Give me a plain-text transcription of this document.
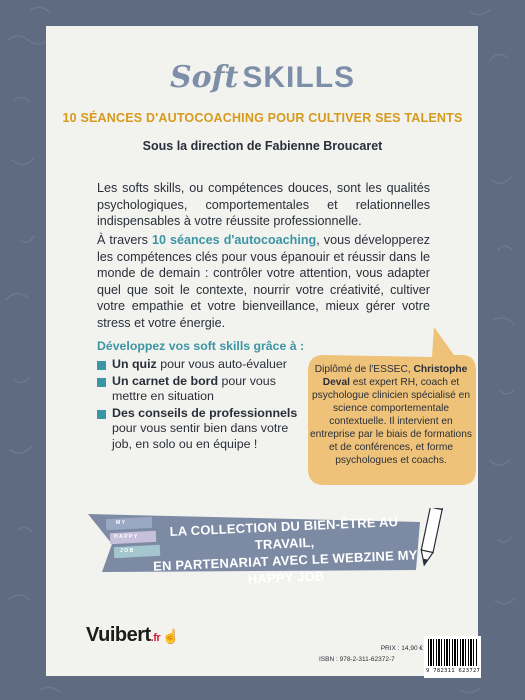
Soft SKILLS
10 SÉANCES D'AUTOCOACHING POUR CULTIVER SES TALENTS
Sous la direction de Fabienne Broucaret
Les softs skills, ou compétences douces, sont les qualités psychologiques, comportementales et relationnelles indispensables à votre réussite professionnelle.
À travers 10 séances d'autocoaching, vous développerez les compétences clés pour vous épanouir et réussir dans le monde de demain : contrôler votre attention, vous adapter quel que soit le contexte, nourrir votre créativité, cultiver votre empathie et votre bienveillance, mieux gérer votre stress et votre énergie.
Développez vos soft skills grâce à :
Un quiz pour vous auto-évaluer
Un carnet de bord pour vous mettre en situation
Des conseils de professionnels pour vous sentir bien dans votre job, en solo ou en équipe !
Diplômé de l'ESSEC, Christophe Deval est expert RH, coach et psychologue clinicien spécialisé en science comportementale contextuelle. Il intervient en entreprise par le biais de formations et de conférences, et forme psychologues et coachs.
MY
HAPPY
JOB
LA COLLECTION DU BIEN-ÊTRE AU TRAVAIL,
EN PARTENARIAT AVEC LE WEBZINE MY HAPPY JOB
Vuibert.fr ☝
PRIX : 14,90 €
ISBN : 978-2-311-62372-7
9 782311 623727
